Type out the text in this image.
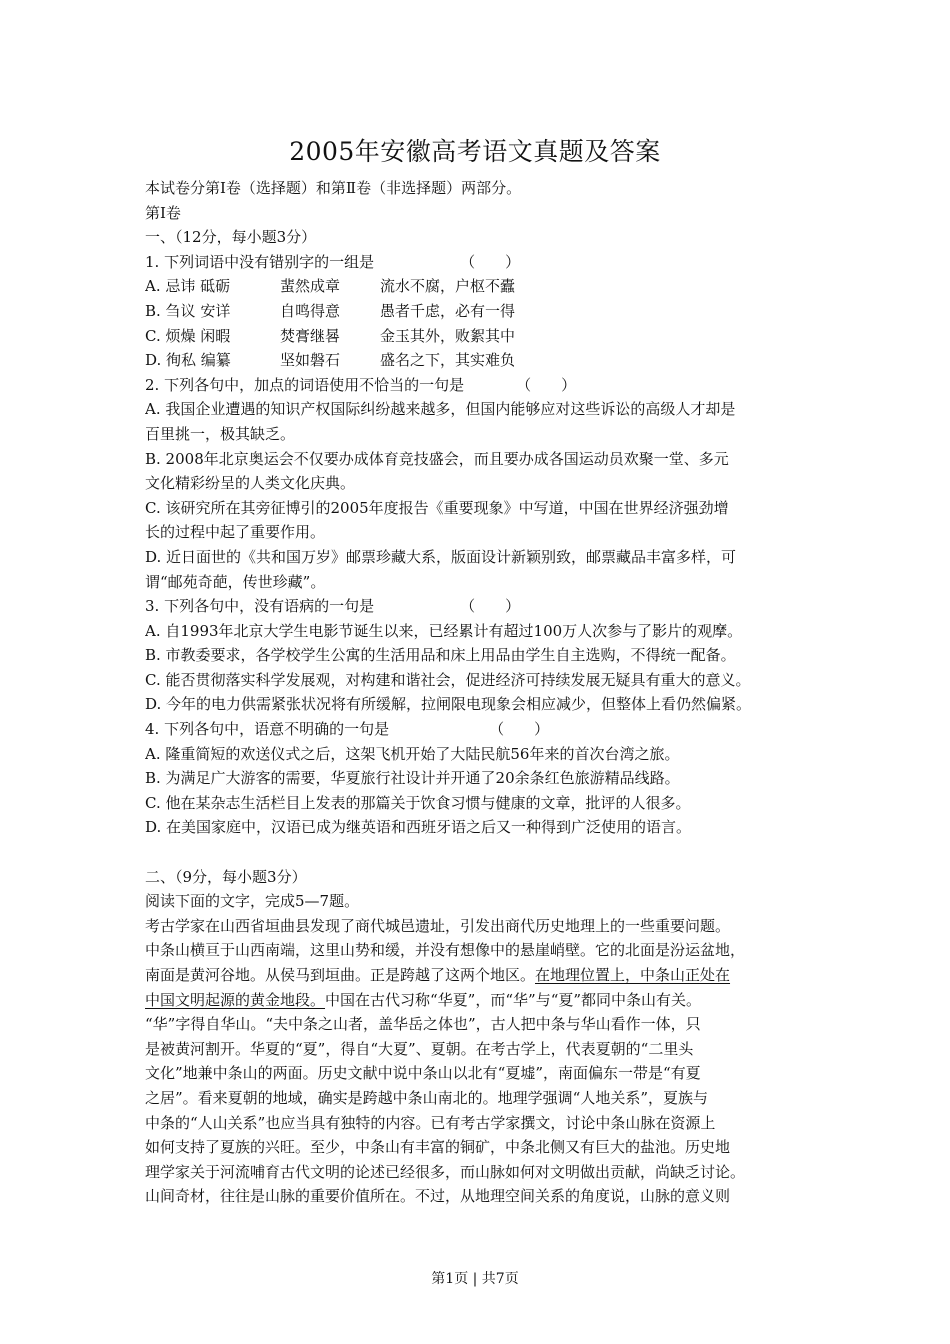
2005年安徽高考语文真题及答案
本试卷分第Ⅰ卷（选择题）和第Ⅱ卷（非选择题）两部分。
第Ⅰ卷
一、（12分，每小题3分）
1. 下列词语中没有错别字的一组是	（　　）
A. 忌讳 砥砺	蜚然成章	流水不腐，户枢不蠹
B. 刍议 安详	自鸣得意	愚者千虑，必有一得
C. 烦燥 闲暇	焚膏继晷	金玉其外，败絮其中
D. 徇私 编纂	坚如磐石	盛名之下，其实难负
2. 下列各句中，加点的词语使用不恰当的一句是	（　　）
A. 我国企业遭遇的知识产权国际纠纷越来越多，但国内能够应对这些诉讼的高级人才却是
百里挑一，极其缺乏。
B. 2008年北京奥运会不仅要办成体育竞技盛会，而且要办成各国运动员欢聚一堂、多元
文化精彩纷呈的人类文化庆典。
C. 该研究所在其旁征博引的2005年度报告《重要现象》中写道，中国在世界经济强劲增
长的过程中起了重要作用。
D. 近日面世的《共和国万岁》邮票珍藏大系，版面设计新颖别致，邮票藏品丰富多样，可
谓“邮苑奇葩，传世珍藏”。
3. 下列各句中，没有语病的一句是	（　　）
A. 自1993年北京大学生电影节诞生以来，已经累计有超过100万人次参与了影片的观摩。
B. 市教委要求，各学校学生公寓的生活用品和床上用品由学生自主选购，不得统一配备。
C. 能否贯彻落实科学发展观，对构建和谐社会，促进经济可持续发展无疑具有重大的意义。
D. 今年的电力供需紧张状况将有所缓解，拉闸限电现象会相应减少，但整体上看仍然偏紧。
4. 下列各句中，语意不明确的一句是	（　　）
A. 隆重简短的欢送仪式之后，这架飞机开始了大陆民航56年来的首次台湾之旅。
B. 为满足广大游客的需要，华夏旅行社设计并开通了20余条红色旅游精品线路。
C. 他在某杂志生活栏目上发表的那篇关于饮食习惯与健康的文章，批评的人很多。
D. 在美国家庭中，汉语已成为继英语和西班牙语之后又一种得到广泛使用的语言。
二、（9分，每小题3分）
阅读下面的文字，完成5—7题。
考古学家在山西省垣曲县发现了商代城邑遗址，引发出商代历史地理上的一些重要问题。
中条山横亘于山西南端，这里山势和缓，并没有想像中的悬崖峭壁。它的北面是汾运盆地，
南面是黄河谷地。从侯马到垣曲。正是跨越了这两个地区。在地理位置上，中条山正处在
中国文明起源的黄金地段。中国在古代习称“华夏”，而“华”与“夏”都同中条山有关。
“华”字得自华山。“夫中条之山者，盖华岳之体也”，古人把中条与华山看作一体，只
是被黄河割开。华夏的“夏”，得自“大夏”、夏朝。在考古学上，代表夏朝的“二里头
文化”地兼中条山的两面。历史文献中说中条山以北有“夏墟”，南面偏东一带是“有夏
之居”。看来夏朝的地域，确实是跨越中条山南北的。地理学强调“人地关系”，夏族与
中条的“人山关系”也应当具有独特的内容。已有考古学家撰文，讨论中条山脉在资源上
如何支持了夏族的兴旺。至少，中条山有丰富的铜矿，中条北侧又有巨大的盐池。历史地
理学家关于河流哺育古代文明的论述已经很多，而山脉如何对文明做出贡献，尚缺乏讨论。
山间奇材，往往是山脉的重要价值所在。不过，从地理空间关系的角度说，山脉的意义则
第1页 | 共7页
